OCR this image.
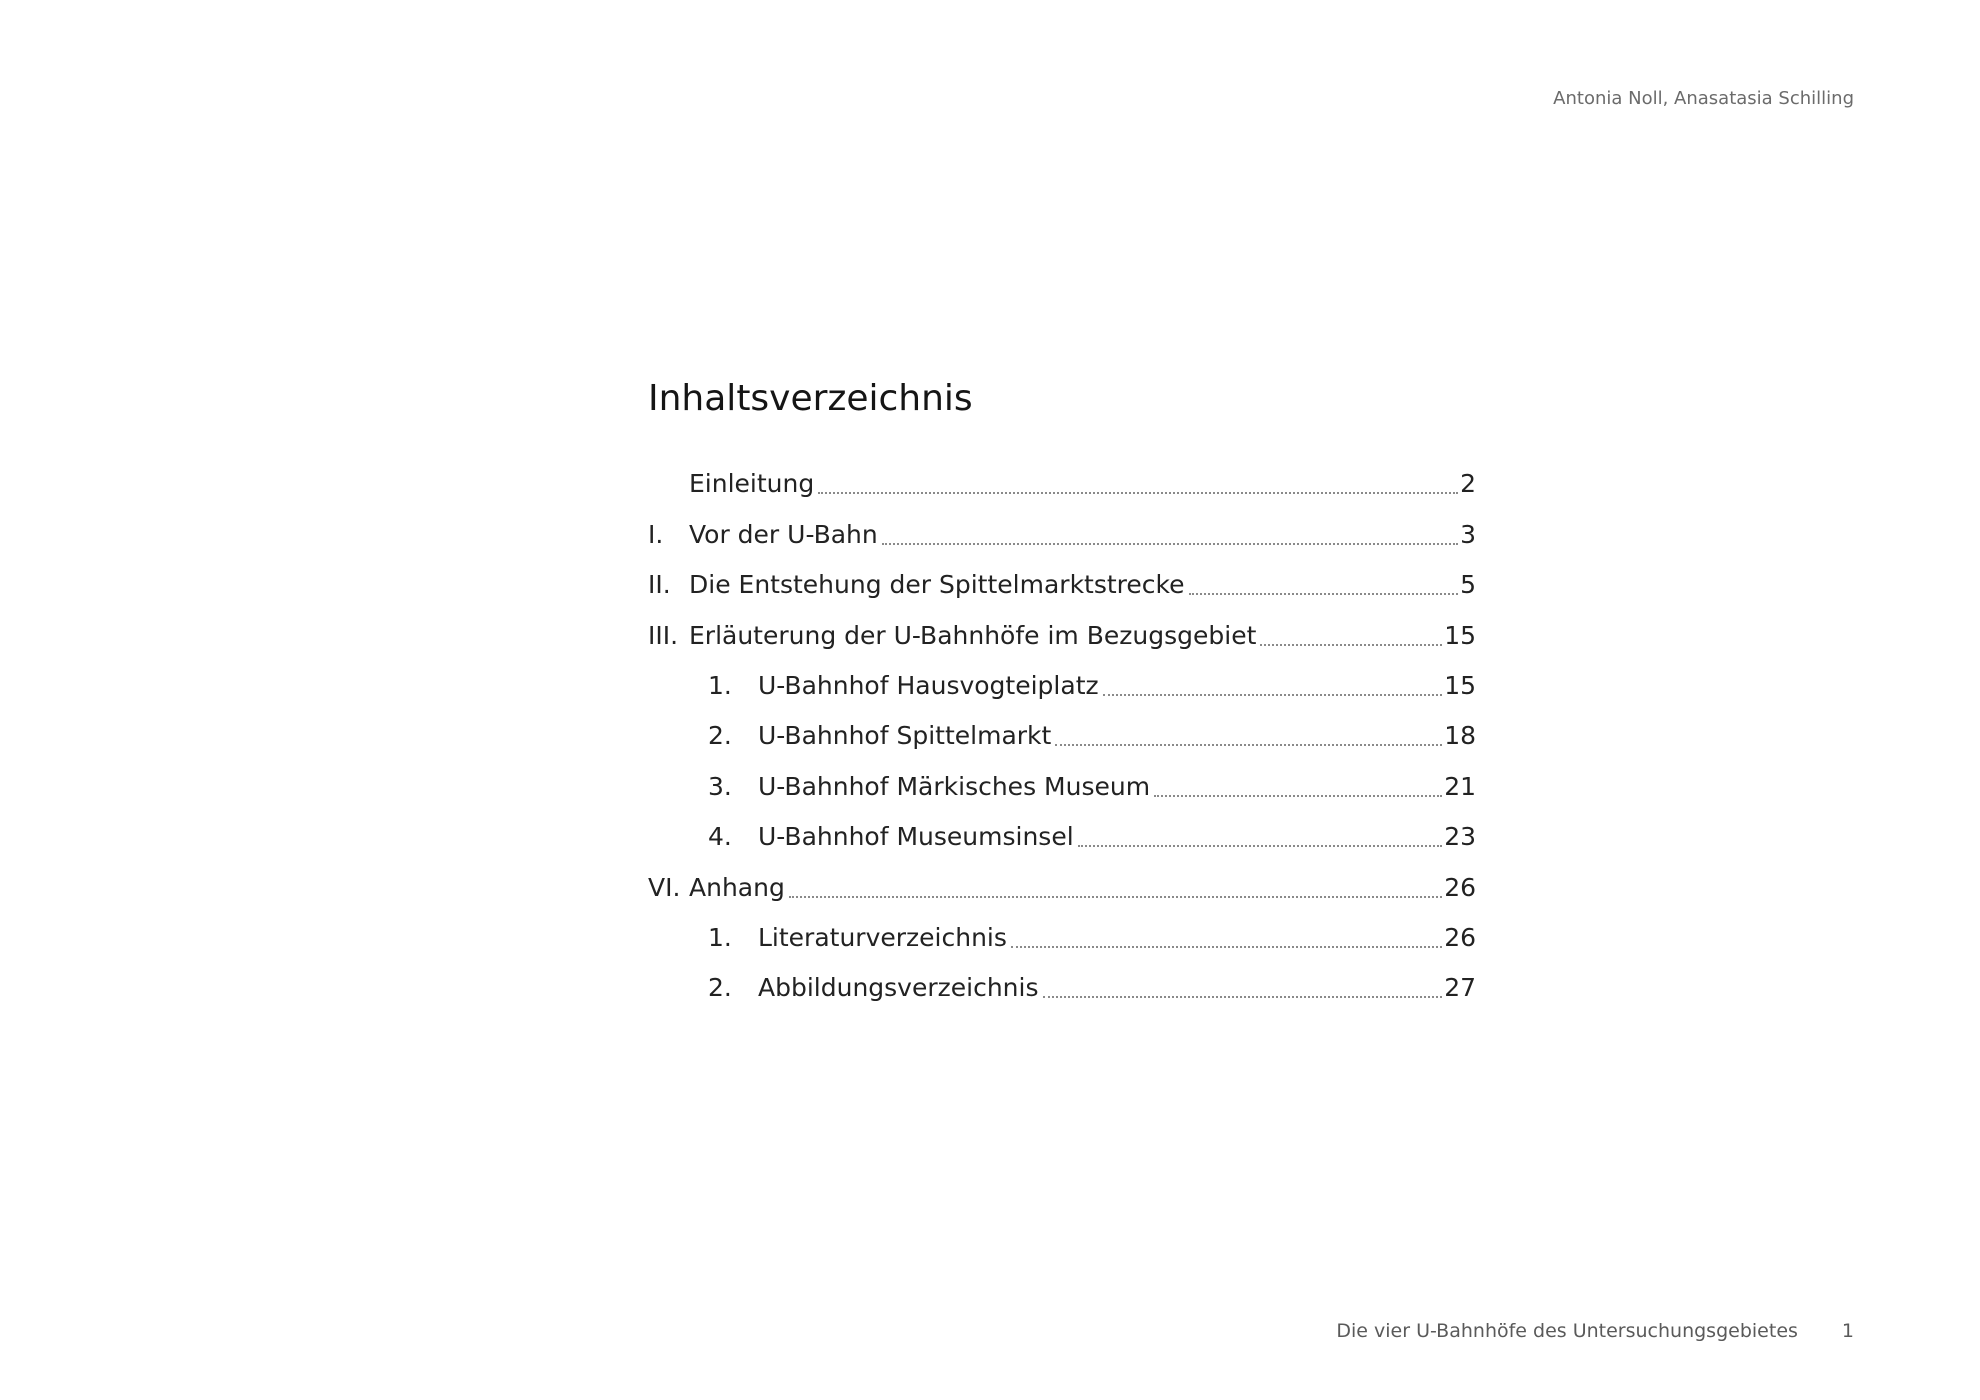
Antonia Noll, Anasatasia Schilling
Inhaltsverzeichnis
Einleitung	2
I.	Vor der U-Bahn	3
II. Die Entstehung der Spittelmarktstrecke	5
III. Erläuterung der U-Bahnhöfe im Bezugsgebiet	15
1.	U-Bahnhof Hausvogteiplatz	15
2.	U-Bahnhof Spittelmarkt	18
3.	U-Bahnhof Märkisches Museum	21
4.	U-Bahnhof Museumsinsel	23
VI. Anhang	26
1.	Literaturverzeichnis	26
2.	Abbildungsverzeichnis	27
Die vier U-Bahnhöfe des Untersuchungsgebietes 1
